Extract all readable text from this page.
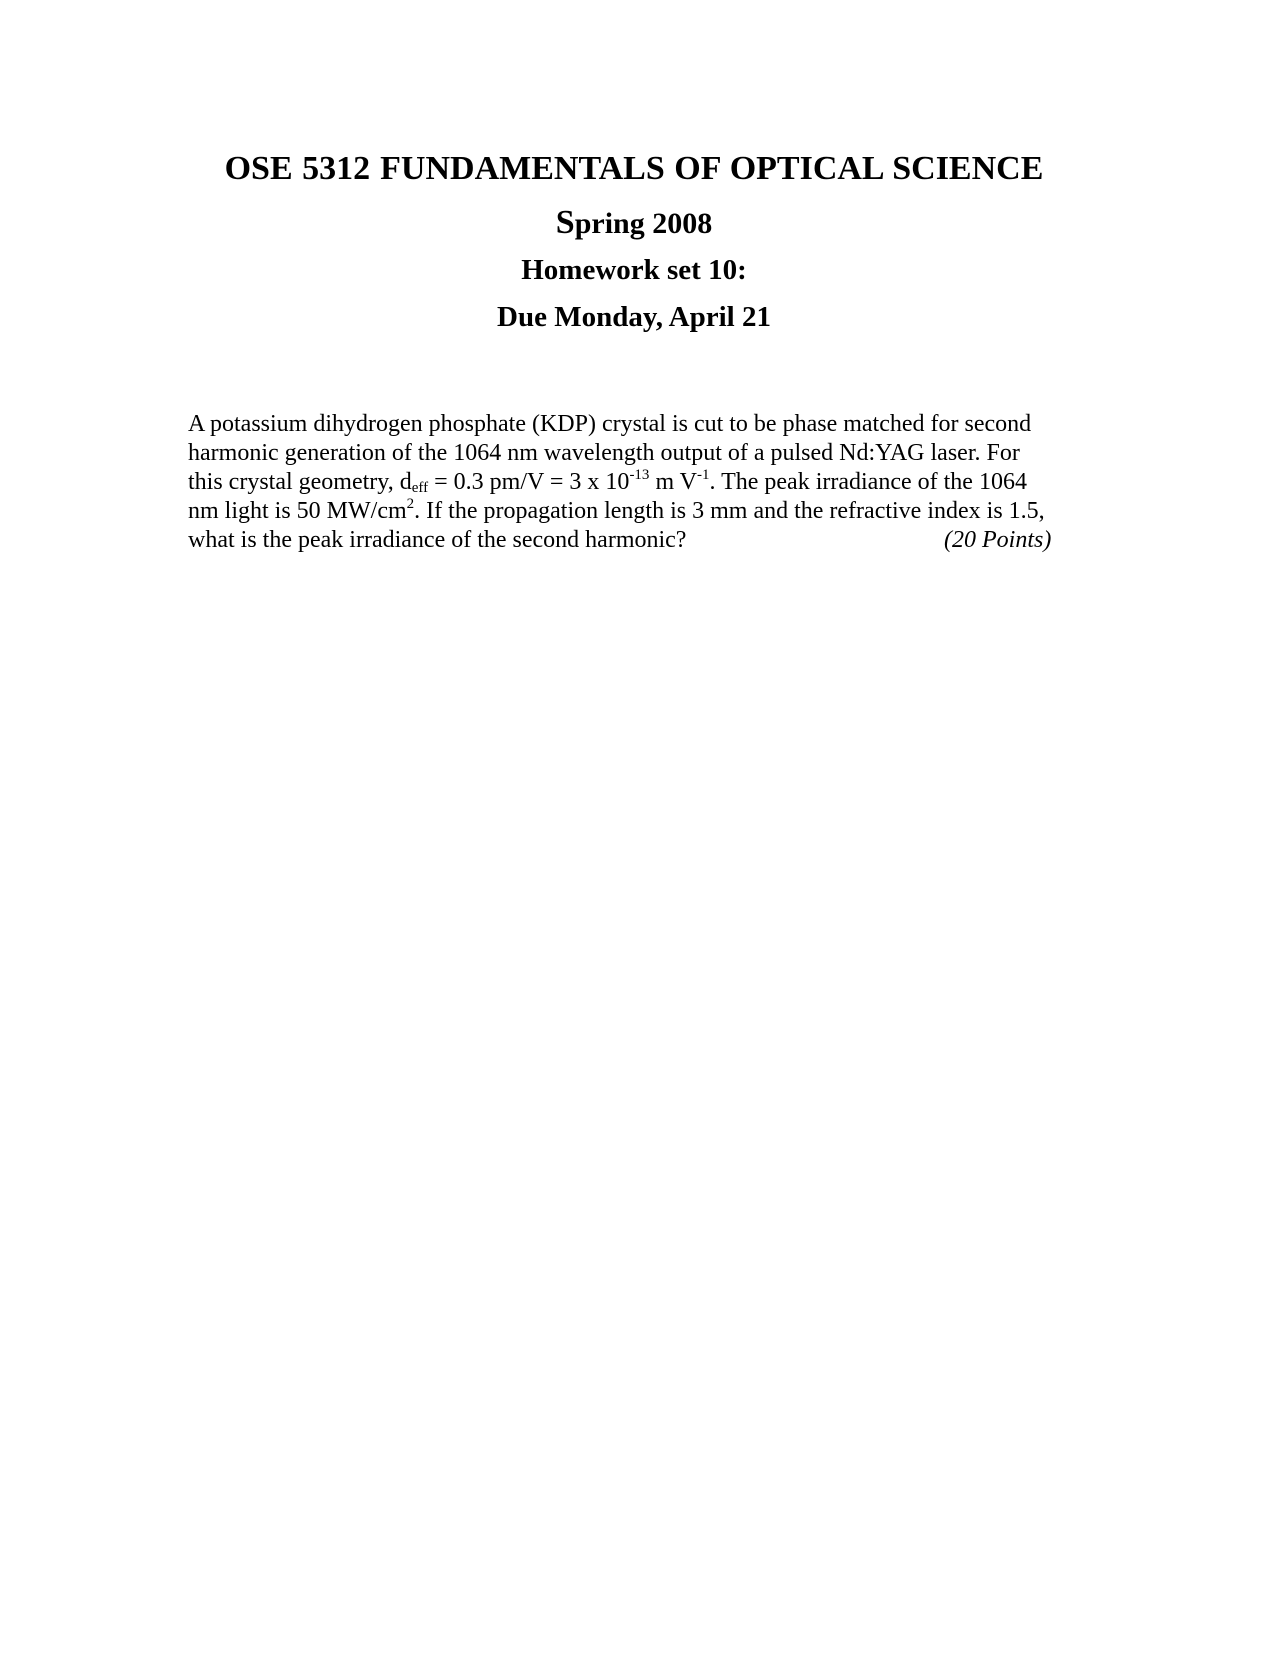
OSE 5312 FUNDAMENTALS OF OPTICAL SCIENCE
Spring 2008
Homework set 10:
Due Monday, April 21
A potassium dihydrogen phosphate (KDP) crystal is cut to be phase matched for second
harmonic generation of the 1064 nm wavelength output of a pulsed Nd:YAG laser. For
this crystal geometry, $d_{eff} = 0.3$ pm/V = 3 x $10^{-13}$ m $V^{-1}$. The peak irradiance of the 1064
nm light is 50 $MW/cm^2$. If the propagation length is 3 mm and the refractive index is 1.5,
what is the peak irradiance of the second harmonic?	(20 Points)
